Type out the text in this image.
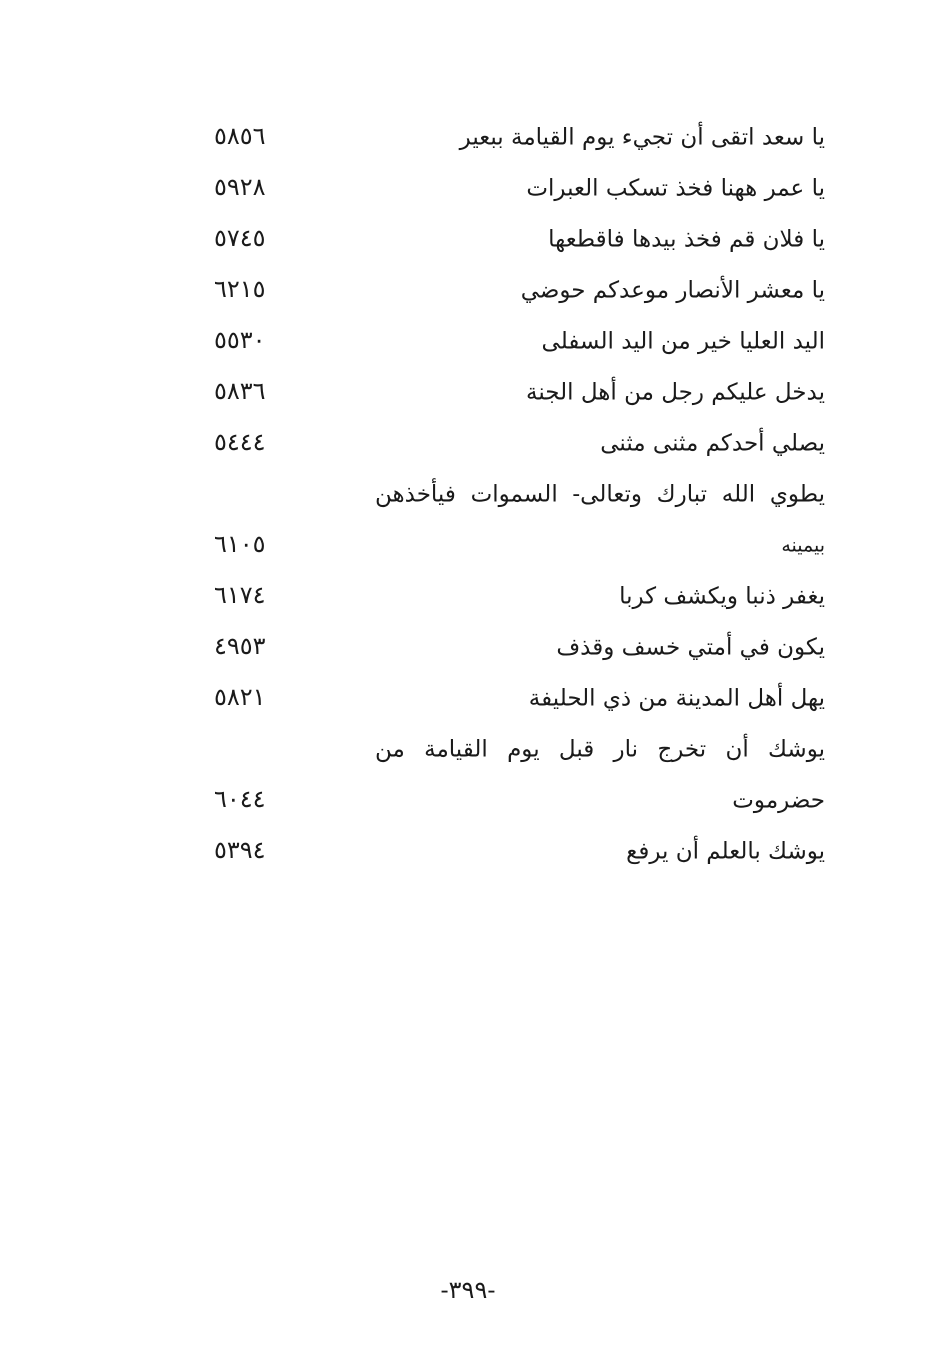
يا سعد اتقى أن تجيء يوم القيامة ببعير
٥٨٥٦
يا عمر ههنا فخذ تسكب العبرات
٥٩٢٨
يا فلان قم فخذ بيدها فاقطعها
٥٧٤٥
يا معشر الأنصار موعدكم حوضي
٦٢١٥
اليد العليا خير من اليد السفلى
٥٥٣٠
يدخل عليكم رجل من أهل الجنة
٥٨٣٦
يصلي أحدكم مثنى مثنى
٥٤٤٤
يطوي الله تبارك وتعالى- السموات فيأخذهن
بيمينه
٦١٠٥
يغفر ذنبا ويكشف كربا
٦١٧٤
يكون في أمتي خسف وقذف
٤٩٥٣
يهل أهل المدينة من ذي الحليفة
٥٨٢١
يوشك أن تخرج نار قبل يوم القيامة من
حضرموت
٦٠٤٤
يوشك بالعلم أن يرفع
٥٣٩٤
-٣٩٩-
